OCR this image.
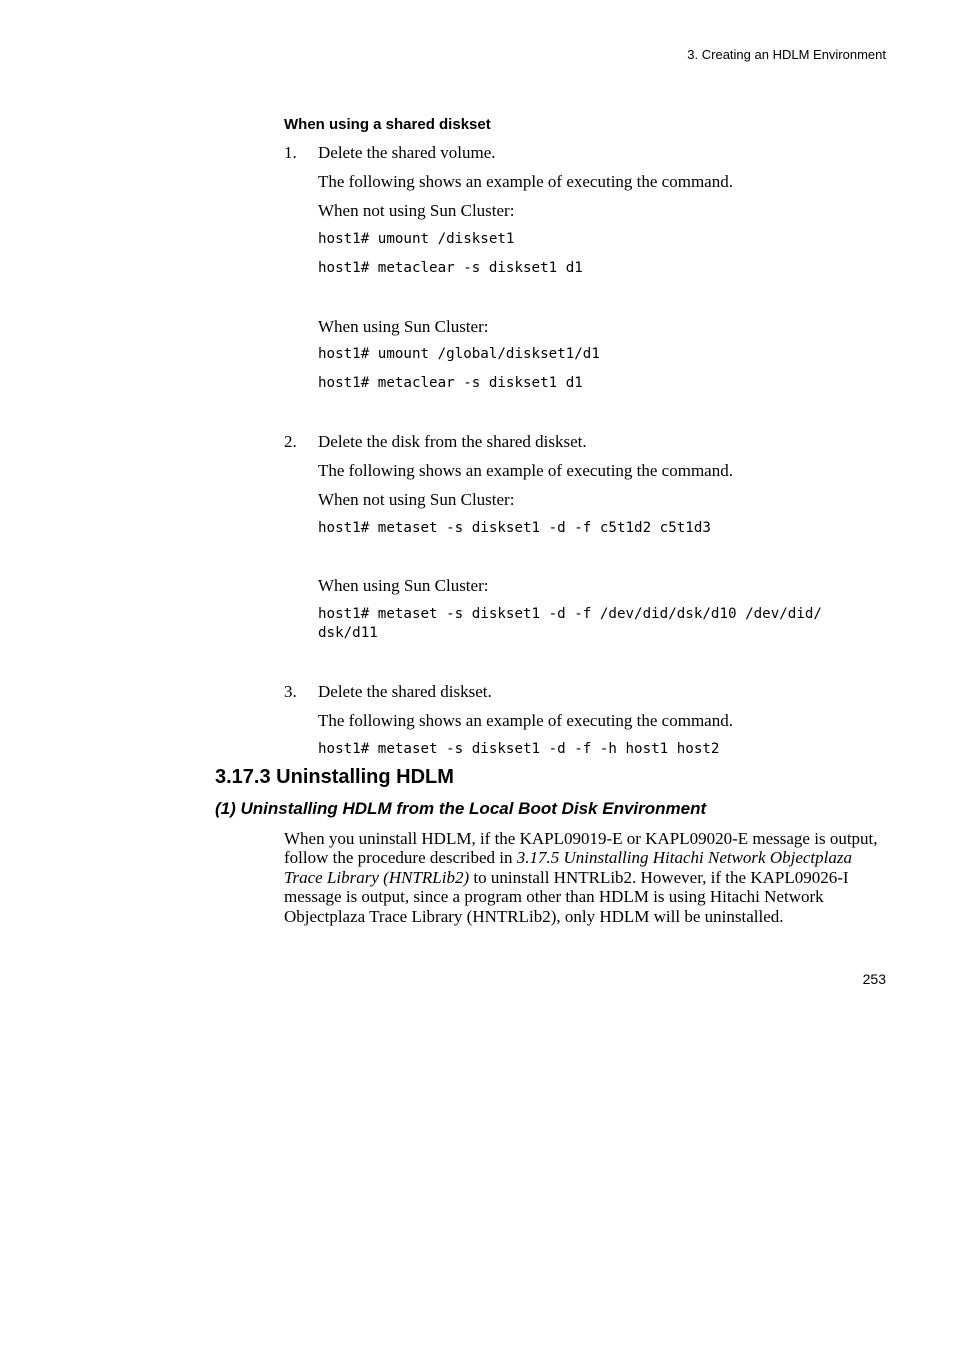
3. Creating an HDLM Environment
When using a shared diskset
1. Delete the shared volume.
The following shows an example of executing the command.
When not using Sun Cluster:
host1# umount /diskset1
host1# metaclear -s diskset1 d1
When using Sun Cluster:
host1# umount /global/diskset1/d1
host1# metaclear -s diskset1 d1
2. Delete the disk from the shared diskset.
The following shows an example of executing the command.
When not using Sun Cluster:
host1# metaset -s diskset1 -d -f c5t1d2 c5t1d3
When using Sun Cluster:
host1# metaset -s diskset1 -d -f /dev/did/dsk/d10 /dev/did/
dsk/d11
3. Delete the shared diskset.
The following shows an example of executing the command.
host1# metaset -s diskset1 -d -f -h host1 host2
3.17.3 Uninstalling HDLM
(1) Uninstalling HDLM from the Local Boot Disk Environment
When you uninstall HDLM, if the KAPL09019-E or KAPL09020-E message is output, follow the procedure described in 3.17.5 Uninstalling Hitachi Network Objectplaza Trace Library (HNTRLib2) to uninstall HNTRLib2. However, if the KAPL09026-I message is output, since a program other than HDLM is using Hitachi Network Objectplaza Trace Library (HNTRLib2), only HDLM will be uninstalled.
253
